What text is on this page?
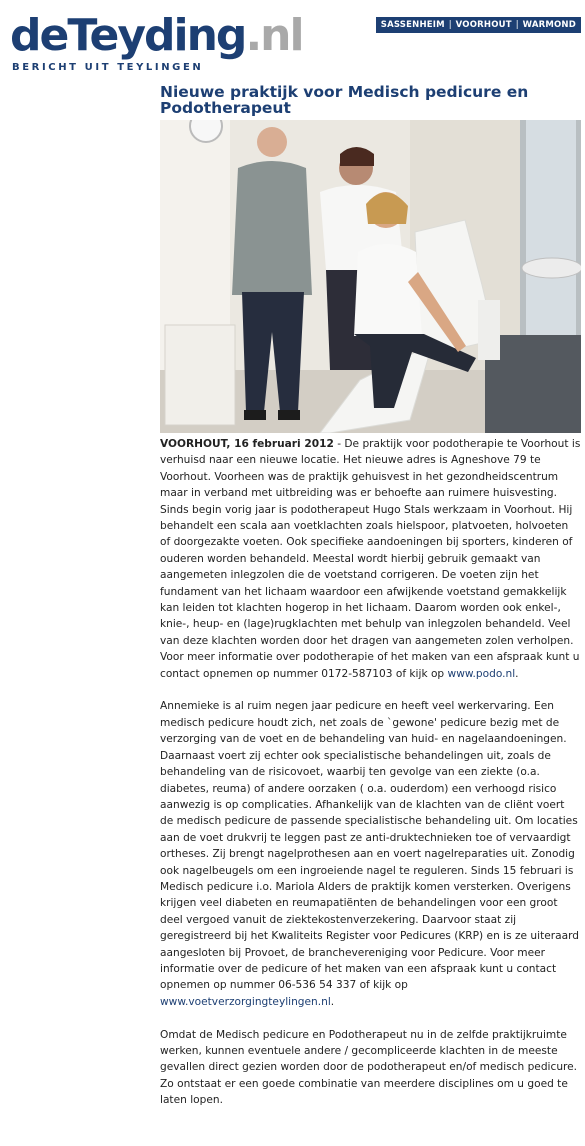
deTeyding.nl
BERICHT UIT TEYLINGEN
SASSENHEIM | VOORHOUT | WARMOND
Nieuwe praktijk voor Medisch pedicure en Podotherapeut

VOORHOUT, 16 februari 2012 - De praktijk voor podotherapie te Voorhout is verhuisd naar een nieuwe locatie. Het nieuwe adres is Agneshove 79 te Voorhout. Voorheen was de praktijk gehuisvest in het gezondheidscentrum maar in verband met uitbreiding was er behoefte aan ruimere huisvesting. Sinds begin vorig jaar is podotherapeut Hugo Stals werkzaam in Voorhout. Hij behandelt een scala aan voetklachten zoals hielspoor, platvoeten, holvoeten of doorgezakte voeten. Ook specifieke aandoeningen bij sporters, kinderen of ouderen worden behandeld. Meestal wordt hierbij gebruik gemaakt van aangemeten inlegzolen die de voetstand corrigeren. De voeten zijn het fundament van het lichaam waardoor een afwijkende voetstand gemakkelijk kan leiden tot klachten hogerop in het lichaam. Daarom worden ook enkel-, knie-, heup- en (lage)rugklachten met behulp van inlegzolen behandeld. Veel van deze klachten worden door het dragen van aangemeten zolen verholpen. Voor meer informatie over podotherapie of het maken van een afspraak kunt u contact opnemen op nummer 0172-587103 of kijk op www.podo.nl.

Annemieke is al ruim negen jaar pedicure en heeft veel werkervaring. Een medisch pedicure houdt zich, net zoals de `gewone' pedicure bezig met de verzorging van de voet en de behandeling van huid- en nagelaandoeningen. Daarnaast voert zij echter ook specialistische behandelingen uit, zoals de behandeling van de risicovoet, waarbij ten gevolge van een ziekte (o.a. diabetes, reuma) of andere oorzaken ( o.a. ouderdom) een verhoogd risico aanwezig is op complicaties. Afhankelijk van de klachten van de cliënt voert de medisch pedicure de passende specialistische behandeling uit. Om locaties aan de voet drukvrij te leggen past ze anti-druktechnieken toe of vervaardigt ortheses. Zij brengt nagelprothesen aan en voert nagelreparaties uit. Zonodig ook nagelbeugels om een ingroeiende nagel te reguleren. Sinds 15 februari is Medisch pedicure i.o. Mariola Alders de praktijk komen versterken. Overigens krijgen veel diabeten en reumapatiënten de behandelingen voor een groot deel vergoed vanuit de ziektekostenverzekering. Daarvoor staat zij geregistreerd bij het Kwaliteits Register voor Pedicures (KRP) en is ze uiteraard aangesloten bij Provoet, de branchevereniging voor Pedicure. Voor meer informatie over de pedicure of het maken van een afspraak kunt u contact opnemen op nummer 06-536 54 337 of kijk op www.voetverzorgingteylingen.nl.

Omdat de Medisch pedicure en Podotherapeut nu in de zelfde praktijkruimte werken, kunnen eventuele andere / gecompliceerde klachten in de meeste gevallen direct gezien worden door de podotherapeut en/of medisch pedicure. Zo ontstaat er een goede combinatie van meerdere disciplines om u goed te laten lopen.
